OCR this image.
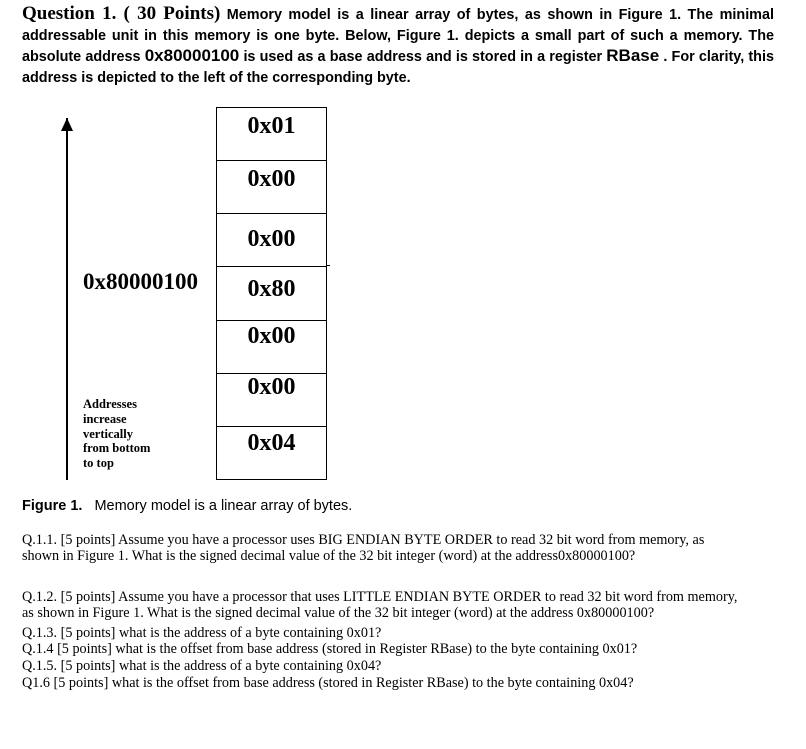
Question 1. ( 30 Points) Memory model is a linear array of bytes, as shown in Figure 1. The minimal addressable unit in this memory is one byte. Below, Figure 1. depicts a small part of such a memory. The absolute address 0x80000100 is used as a base address and is stored in a register RBase . For clarity, this address is depicted to the left of the corresponding byte.
0x01
0x00
0x00
0x80
0x00
0x00
0x04
0x80000100
Addresses
increase
vertically
from bottom
to top
Figure 1. Memory model is a linear array of bytes.
Q.1.1. [5 points] Assume you have a processor uses BIG ENDIAN BYTE ORDER to read 32 bit word from memory, as shown in Figure 1. What is the signed decimal value of the 32 bit integer (word) at the address0x80000100?
Q.1.2. [5 points] Assume you have a processor that uses LITTLE ENDIAN BYTE ORDER to read 32 bit word from memory, as shown in Figure 1. What is the signed decimal value of the 32 bit integer (word) at the address 0x80000100?
Q.1.3. [5 points] what is the address of a byte containing 0x01?
Q.1.4 [5 points] what is the offset from base address (stored in Register RBase) to the byte containing 0x01?
Q.1.5. [5 points] what is the address of a byte containing 0x04?
Q1.6 [5 points] what is the offset from base address (stored in Register RBase) to the byte containing 0x04?
